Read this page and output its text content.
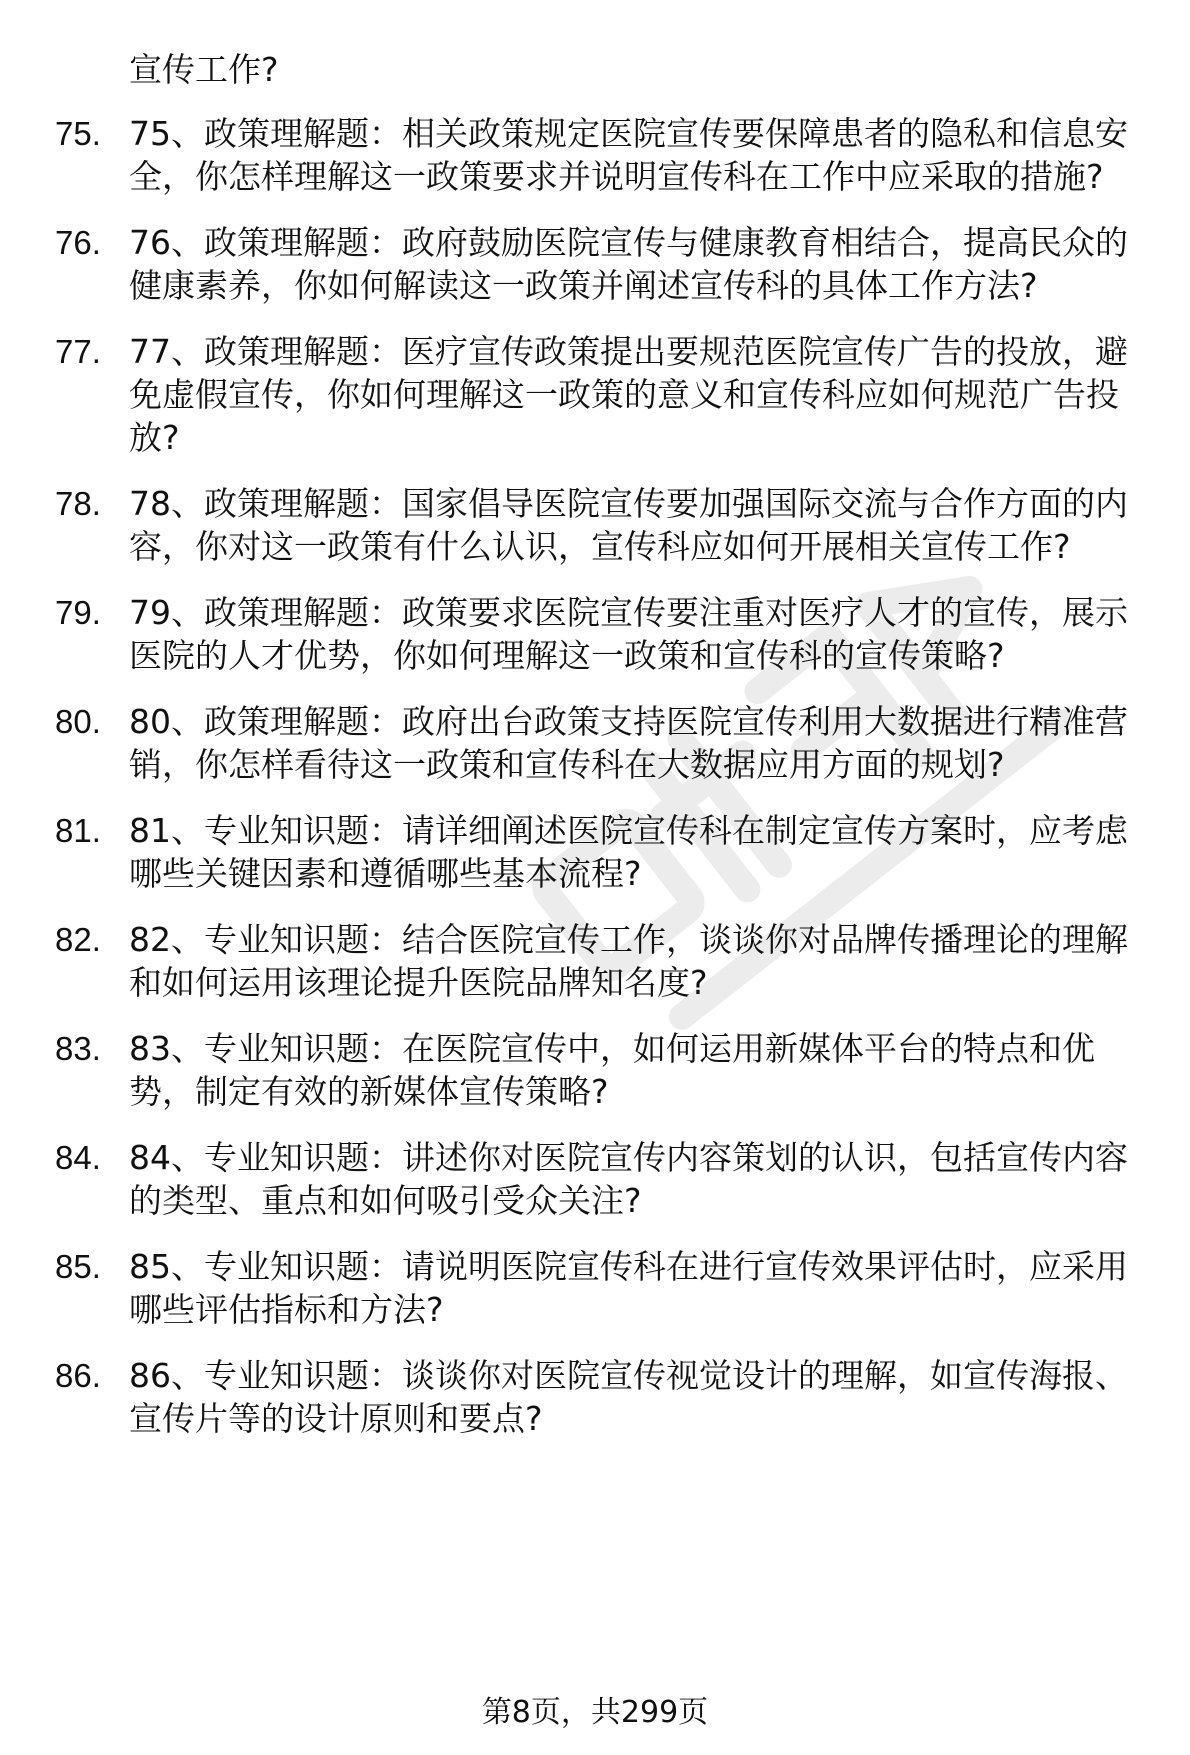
宣传工作?
75. 75、政策理解题：相关政策规定医院宣传要保障患者的隐私和信息安全，你怎样理解这一政策要求并说明宣传科在工作中应采取的措施?
76. 76、政策理解题：政府鼓励医院宣传与健康教育相结合，提高民众的健康素养，你如何解读这一政策并阐述宣传科的具体工作方法?
77. 77、政策理解题：医疗宣传政策提出要规范医院宣传广告的投放，避免虚假宣传，你如何理解这一政策的意义和宣传科应如何规范广告投放?
78. 78、政策理解题：国家倡导医院宣传要加强国际交流与合作方面的内容，你对这一政策有什么认识，宣传科应如何开展相关宣传工作?
79. 79、政策理解题：政策要求医院宣传要注重对医疗人才的宣传，展示医院的人才优势，你如何理解这一政策和宣传科的宣传策略?
80. 80、政策理解题：政府出台政策支持医院宣传利用大数据进行精准营销，你怎样看待这一政策和宣传科在大数据应用方面的规划?
81. 81、专业知识题：请详细阐述医院宣传科在制定宣传方案时，应考虑哪些关键因素和遵循哪些基本流程?
82. 82、专业知识题：结合医院宣传工作，谈谈你对品牌传播理论的理解和如何运用该理论提升医院品牌知名度?
83. 83、专业知识题：在医院宣传中，如何运用新媒体平台的特点和优势，制定有效的新媒体宣传策略?
84. 84、专业知识题：讲述你对医院宣传内容策划的认识，包括宣传内容的类型、重点和如何吸引受众关注?
85. 85、专业知识题：请说明医院宣传科在进行宣传效果评估时，应采用哪些评估指标和方法?
86. 86、专业知识题：谈谈你对医院宣传视觉设计的理解，如宣传海报、宣传片等的设计原则和要点?
第8页，共299页
